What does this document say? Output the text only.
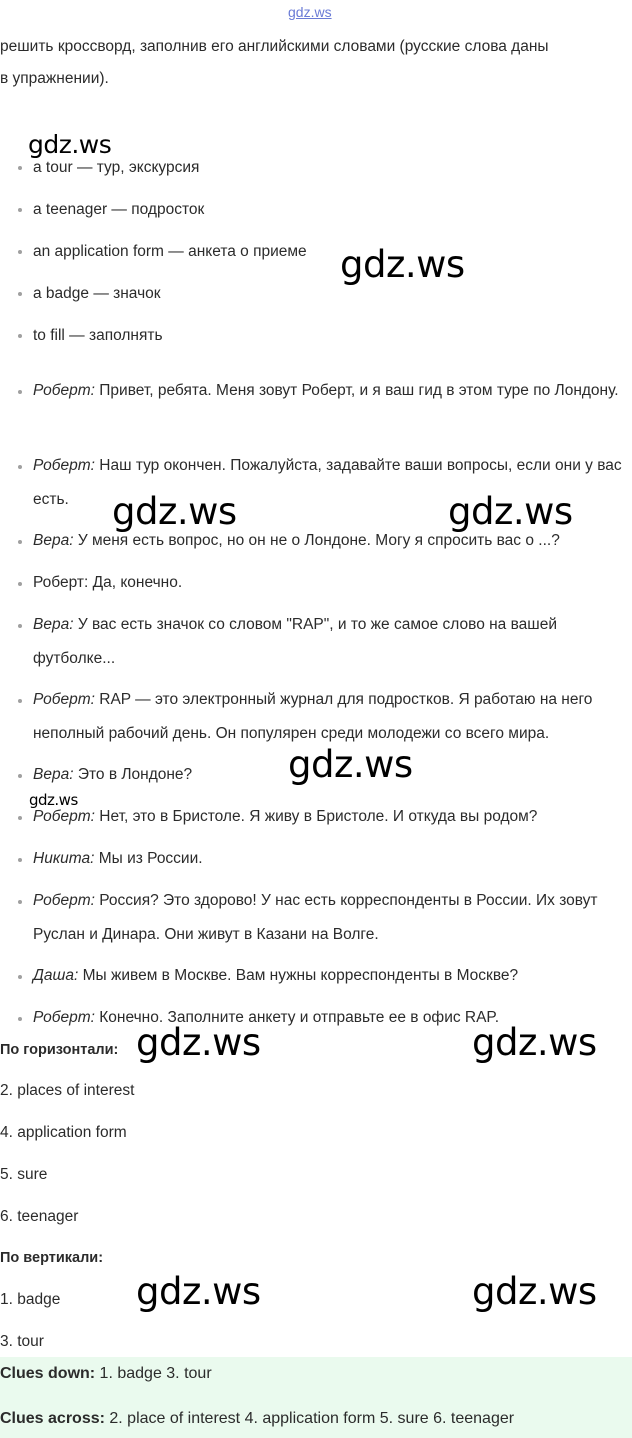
gdz.ws
решить кроссворд, заполнив его английскими словами (русские слова даны
в упражнении).
a tour — тур, экскурсия
a teenager — подросток
an application form — анкета о приеме
a badge — значок
to fill — заполнять
Роберт: Привет, ребята. Меня зовут Роберт, и я ваш гид в этом туре по Лондону.
Роберт: Наш тур окончен. Пожалуйста, задавайте ваши вопросы, если они у вас есть.
Вера: У меня есть вопрос, но он не о Лондоне. Могу я спросить вас о ...?
Роберт: Да, конечно.
Вера: У вас есть значок со словом "RAP", и то же самое слово на вашей футболке...
Роберт: RAP — это электронный журнал для подростков. Я работаю на него неполный рабочий день. Он популярен среди молодежи со всего мира.
Вера: Это в Лондоне?
Роберт: Нет, это в Бристоле. Я живу в Бристоле. И откуда вы родом?
Никита: Мы из России.
Роберт: Россия? Это здорово! У нас есть корреспонденты в России. Их зовут Руслан и Динара. Они живут в Казани на Волге.
Даша: Мы живем в Москве. Вам нужны корреспонденты в Москве?
Роберт: Конечно. Заполните анкету и отправьте ее в офис RAP.
По горизонтали:
2. places of interest
4. application form
5. sure
6. teenager
По вертикали:
1. badge
3. tour
Clues down: 1. badge 3. tour
Clues across: 2. place of interest 4. application form 5. sure 6. teenager
gdz.ws
gdz.ws
gdz.ws	gdz.ws
gdz.ws
gdz.ws
gdz.ws	gdz.ws
gdz.ws	gdz.ws
